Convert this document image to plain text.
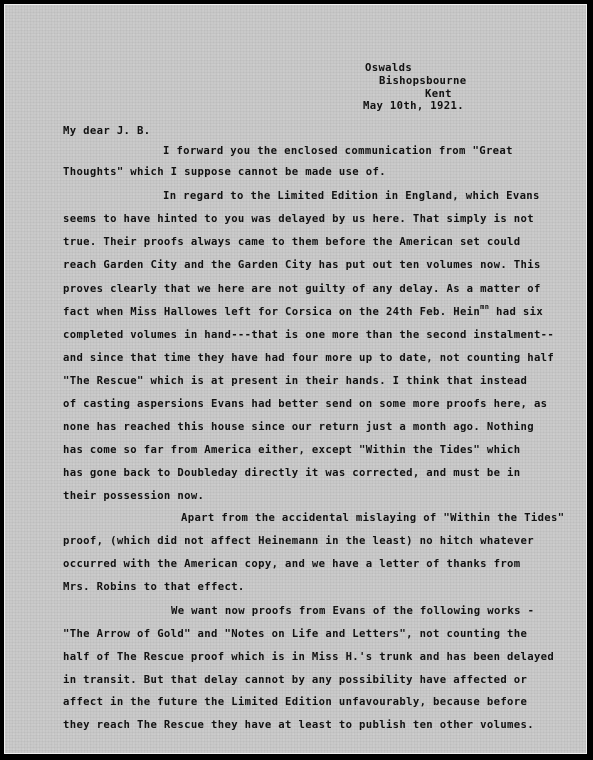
Oswalds
Bishopsbourne
Kent
May 10th, 1921.
My dear J. B.
I forward you the enclosed communication from "Great
Thoughts" which I suppose cannot be made use of.
In regard to the Limited Edition in England, which Evans
seems to have hinted to you was delayed by us here. That simply is not
true. Their proofs always came to them before the American set could
reach Garden City and the Garden City has put out ten volumes now. This
proves clearly that we here are not guilty of any delay. As a matter of
fact when Miss Hallowes left for Corsica on the 24th Feb. Hein$^{mn}$ had six
completed volumes in hand---that is one more than the second instalment--
and since that time they have had four more up to date, not counting half
"The Rescue" which is at present in their hands. I think that instead
of casting aspersions Evans had better send on some more proofs here, as
none has reached this house since our return just a month ago. Nothing
has come so far from America either, except "Within the Tides" which
has gone back to Doubleday directly it was corrected, and must be in
their possession now.
Apart from the accidental mislaying of "Within the Tides"
proof, (which did not affect Heinemann in the least) no hitch whatever
occurred with the American copy, and we have a letter of thanks from
Mrs. Robins to that effect.
We want now proofs from Evans of the following works -
"The Arrow of Gold" and "Notes on Life and Letters", not counting the
half of The Rescue proof which is in Miss H.'s trunk and has been delayed
in transit. But that delay cannot by any possibility have affected or
affect in the future the Limited Edition unfavourably, because before
they reach The Rescue they have at least to publish ten other volumes.
